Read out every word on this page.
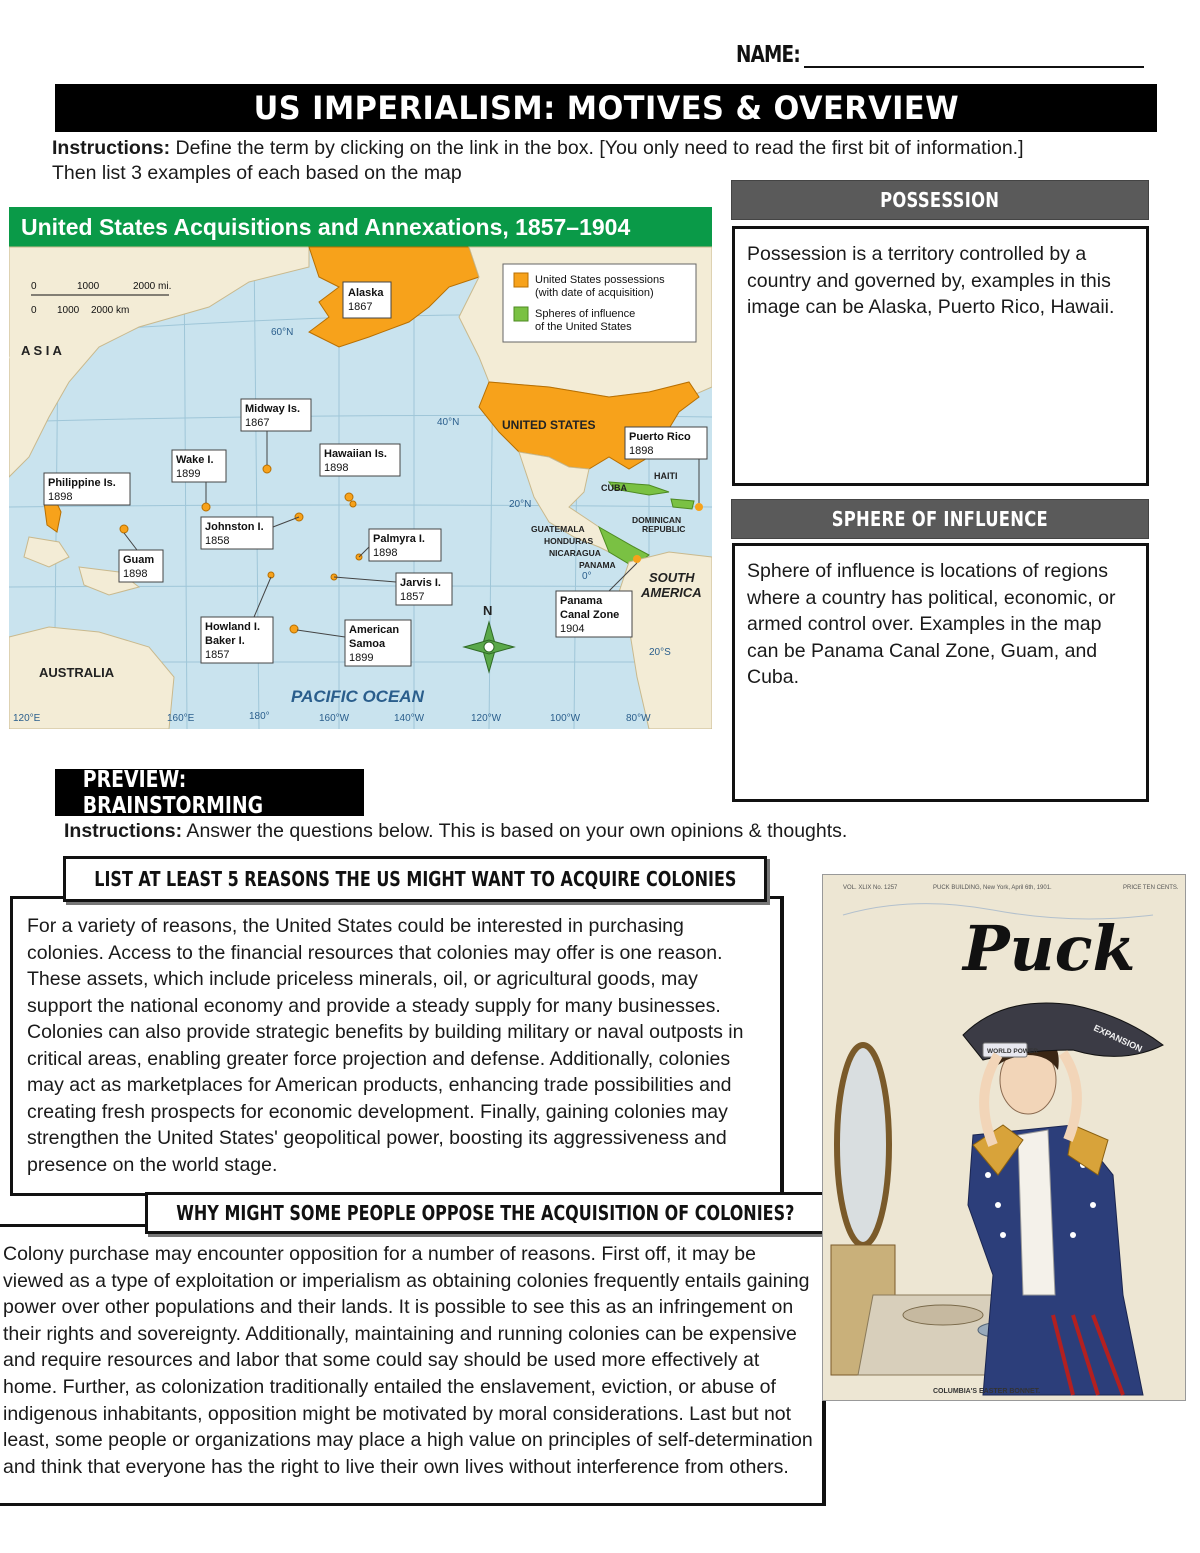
NAME:
US IMPERIALISM: MOTIVES & OVERVIEW
Instructions: Define the term by clicking on the link in the box. [You only need to read the first bit of information.]
Then list 3 examples of each based on the map
United States Acquisitions and Annexations, 1857–1904
0	1000	2000 mi.
0 1000 2000 km
United States possessions
(with date of acquisition)
Spheres of influence
of the United States
A S I A
AUSTRALIA
PACIFIC OCEAN
SOUTH
AMERICA
UNITED STATES
CUBA
HAITI
DOMINICAN
REPUBLIC
GUATEMALA
HONDURAS
NICARAGUA
PANAMA
N
60°N
40°N
20°N
0°
20°S
120°E	160°E	180°	160°W	140°W	120°W	100°W	80°W
Alaska
1867
Midway Is.
1867
Hawaiian Is.
1898
Wake I.
1899
Philippine Is.
1898
Johnston I.
1858
Guam
1898
Palmyra I.
1898
Jarvis I.
1857
Howland I.
Baker I.
1857
American
Samoa
1899
Puerto Rico
1898
Panama
Canal Zone
1904
POSSESSION
Possession is a territory controlled by a country and governed by, examples in this image can be Alaska, Puerto Rico, Hawaii.
SPHERE OF INFLUENCE
Sphere of influence is locations of regions where a country has political, economic, or armed control over. Examples in the map can be Panama Canal Zone, Guam, and Cuba.
PREVIEW: BRAINSTORMING
Instructions: Answer the questions below. This is based on your own opinions & thoughts.
For a variety of reasons, the United States could be interested in purchasing colonies. Access to the financial resources that colonies may offer is one reason. These assets, which include priceless minerals, oil, or agricultural goods, may support the national economy and provide a steady supply for many businesses. Colonies can also provide strategic benefits by building military or naval outposts in critical areas, enabling greater force projection and defense. Additionally, colonies may act as marketplaces for American products, enhancing trade possibilities and creating fresh prospects for economic development. Finally, gaining colonies may strengthen the United States' geopolitical power, boosting its aggressiveness and presence on the world stage.
LIST AT LEAST 5 REASONS THE US MIGHT WANT TO ACQUIRE COLONIES
Colony purchase may encounter opposition for a number of reasons. First off, it may be viewed as a type of exploitation or imperialism as obtaining colonies frequently entails gaining power over other populations and their lands. It is possible to see this as an infringement on their rights and sovereignty. Additionally, maintaining and running colonies can be expensive and require resources and labor that some could say should be used more effectively at home. Further, as colonization traditionally entailed the enslavement, eviction, or abuse of indigenous inhabitants, opposition might be motivated by moral considerations. Last but not least, some people or organizations may place a high value on principles of self-determination and think that everyone has the right to live their own lives without interference from others.
WHY MIGHT SOME PEOPLE OPPOSE THE ACQUISITION OF COLONIES?
VOL. XLIX No. 1257	PUCK BUILDING, New York, April 6th, 1901.	PRICE TEN CENTS.
Puck
EXPANSION
WORLD POWER
COLUMBIA'S EASTER BONNET.
